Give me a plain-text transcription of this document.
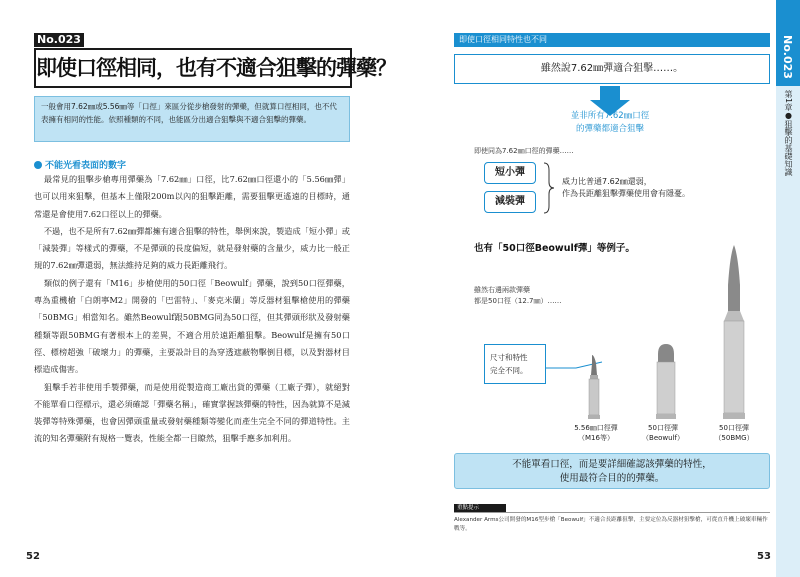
No.023
即使口徑相同，也有不適合狙擊的彈藥？
一般會用7.62㎜或5.56㎜等「口徑」來區分從步槍發射的彈藥，但就算口徑相同，也不代表擁有相同的性能。依照種類的不同，也能區分出適合狙擊與不適合狙擊的彈藥。
不能光看表面的數字

最常見的狙擊步槍專用彈藥為「7.62㎜」口徑，比7.62㎜口徑還小的「5.56㎜彈」也可以用來狙擊，但基本上僅限200m以內的狙擊距離，需要狙擊更遙遠的目標時，通常還是會使用7.62口徑以上的彈藥。

不過，也不是所有7.62㎜彈都擁有適合狙擊的特性，舉例來說，製造成「短小彈」或「減裝彈」等樣式的彈藥，不是彈頭的長度偏短，就是發射藥的含量少，威力比一般正規的7.62㎜彈還弱，無法維持足夠的威力長距離飛行。

類似的例子還有「M16」步槍使用的50口徑「Beowulf」彈藥，說到50口徑彈藥，專為重機槍「白朗寧M2」開發的「巴雷特」、「麥克米蘭」等反器材狙擊槍使用的彈藥「50BMG」相當知名。雖然Beowulf跟50BMG同為50口徑，但其彈頭形狀及發射藥種類等跟50BMG有著根本上的差異，不適合用於遠距離狙擊。Beowulf是擁有50口徑、標榜超強「破壞力」的彈藥，主要設計目的為穿透遮蔽物擊倒目標，以及對器材目標造成傷害。

狙擊手若非使用手製彈藥，而是使用從製造商工廠出貨的彈藥（工廠子彈），就絕對不能單看口徑標示，還必須確認「彈藥名稱」，確實掌握該彈藥的特性，因為就算不是減裝彈等特殊彈藥，也會因彈頭重量或發射藥種類等變化而產生完全不同的彈道特性。主流的知名彈藥附有規格一覽表，性能全都一目瞭然，狙擊手應多加利用。

52
即使口徑相同特性也不同
雖然說7.62㎜彈適合狙擊……。
並非所有7.62㎜口徑
的彈藥都適合狙擊
即使同為7.62㎜口徑的彈藥……
短小彈
減裝彈
威力比普通7.62㎜還弱，
作為長距離狙擊彈藥使用會有隱憂。
也有「50口徑Beowulf彈」等例子。
雖然右邊兩款彈藥
都是50口徑（12.7㎜）……
尺寸和特性
完全不同。
5.56㎜口徑彈
（M16等）
50口徑彈
（Beowulf）
50口徑彈
（50BMG）
不能單看口徑，而是要詳細確認該彈藥的特性，
使用最符合目的的彈藥。
重點提示
Alexander Arms公司開發的M16型步槍「Beowulf」不適合長距離狙擊，主要定位為反器材狙擊槍，可從直升機上破壞車輛作戰等。
53
No.023
第1章●狙擊的基礎知識
